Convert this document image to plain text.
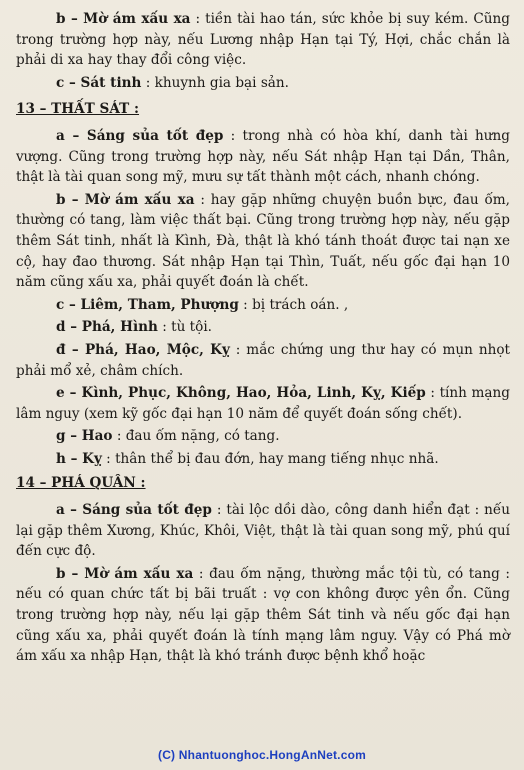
b – Mờ ám xấu xa : tiền tài hao tán, sức khỏe bị suy kém. Cũng trong trường hợp này, nếu Lương nhập Hạn tại Tý, Hợi, chắc chắn là phải di xa hay thay đổi công việc.

c – Sát tinh : khuynh gia bại sản.

13 – THẤT SÁT :

a – Sáng sủa tốt đẹp : trong nhà có hòa khí, danh tài hưng vượng. Cũng trong trường hợp này, nếu Sát nhập Hạn tại Dần, Thân, thật là tài quan song mỹ, mưu sự tất thành một cách, nhanh chóng.

b – Mờ ám xấu xa : hay gặp những chuyện buồn bực, đau ốm, thường có tang, làm việc thất bại. Cũng trong trường hợp này, nếu gặp thêm Sát tinh, nhất là Kình, Đà, thật là khó tánh thoát được tai nạn xe cộ, hay đao thương. Sát nhập Hạn tại Thìn, Tuất, nếu gốc đại hạn 10 năm cũng xấu xa, phải quyết đoán là chết.

c – Liêm, Tham, Phượng : bị trách oán. ,

d – Phá, Hình : tù tội.

đ – Phá, Hao, Mộc, Kỵ : mắc chứng ung thư hay có mụn nhọt phải mổ xẻ, châm chích.

e – Kình, Phục, Không, Hao, Hỏa, Linh, Kỵ, Kiếp : tính mạng lâm nguy (xem kỹ gốc đại hạn 10 năm để quyết đoán sống chết).

g – Hao : đau ốm nặng, có tang.

h – Kỵ : thân thể bị đau đớn, hay mang tiếng nhục nhã.

14 – PHÁ QUÂN :

a – Sáng sủa tốt đẹp : tài lộc dồi dào, công danh hiển đạt : nếu lại gặp thêm Xương, Khúc, Khôi, Việt, thật là tài quan song mỹ, phú quí đến cực độ.

b – Mờ ám xấu xa : đau ốm nặng, thường mắc tội tù, có tang : nếu có quan chức tất bị bãi truất : vợ con không được yên ổn. Cũng trong trường hợp này, nếu lại gặp thêm Sát tinh và nếu gốc đại hạn cũng xấu xa, phải quyết đoán là tính mạng lâm nguy. Vậy có Phá mờ ám xấu xa nhập Hạn, thật là khó tránh được bệnh khổ hoặc

(C) Nhantuonghoc.HongAnNet.com
